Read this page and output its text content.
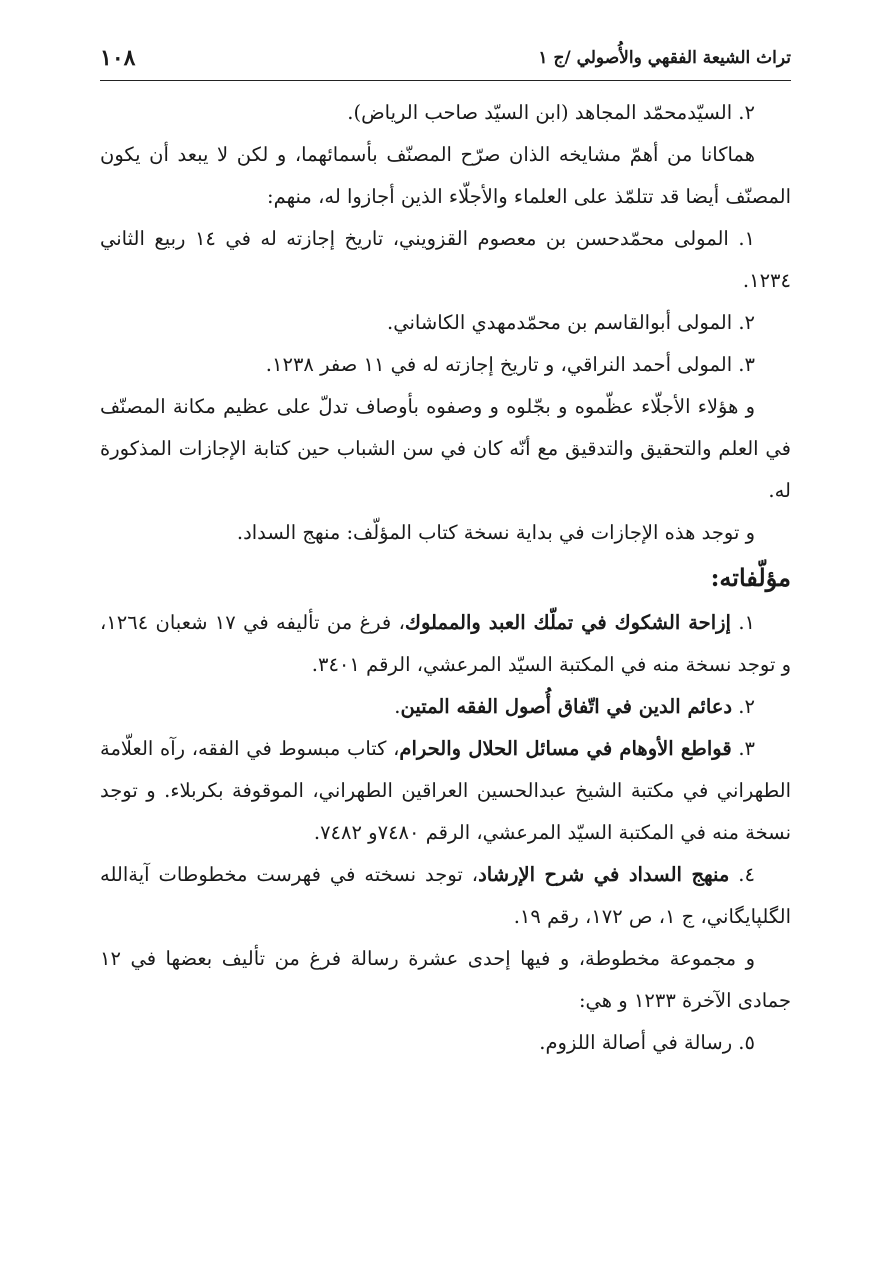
تراث الشيعة الفقهي والأُصولي /ج ١
١٠٨

٢. السيّدمحمّد المجاهد (ابن السيّد صاحب الرياض).

هماكانا من أهمّ مشايخه الذان صرّح المصنّف بأسمائهما، و لكن لا يبعد أن يكون المصنّف أيضا قد تتلمّذ على العلماء والأجلّاء الذين أجازوا له، منهم:

١. المولى محمّدحسن بن معصوم القزويني، تاريخ إجازته له في ١٤ ربيع الثاني ١٢٣٤.

٢. المولى أبوالقاسم بن محمّدمهدي الكاشاني.

٣. المولى أحمد النراقي، و تاريخ إجازته له في ١١ صفر ١٢٣٨.

و هؤلاء الأجلّاء عظّموه و بجّلوه و وصفوه بأوصاف تدلّ على عظيم مكانة المصنّف في العلم والتحقيق والتدقيق مع أنّه كان في سن الشباب حين كتابة الإجازات المذكورة له.

و توجد هذه الإجازات في بداية نسخة كتاب المؤلّف: منهج السداد.

مؤلّفاته:

١. إزاحة الشكوك في تملّك العبد والمملوك، فرغ من تأليفه في ١٧ شعبان ١٢٦٤، و توجد نسخة منه في المكتبة السيّد المرعشي، الرقم ٣٤٠١.

٢. دعائم الدين في اتّفاق أُصول الفقه المتين.

٣. قواطع الأوهام في مسائل الحلال والحرام، كتاب مبسوط في الفقه، رآه العلّامة الطهراني في مكتبة الشيخ عبدالحسين العراقين الطهراني، الموقوفة بكربلاء. و توجد نسخة منه في المكتبة السيّد المرعشي، الرقم ٧٤٨٠و ٧٤٨٢.

٤. منهج السداد في شرح الإرشاد، توجد نسخته في فهرست مخطوطات آيةالله الگلپايگاني، ج ١، ص ١٧٢، رقم ١٩.

و مجموعة مخطوطة، و فيها إحدى عشرة رسالة فرغ من تأليف بعضها في ١٢ جمادى الآخرة ١٢٣٣ و هي:

٥. رسالة في أصالة اللزوم.
